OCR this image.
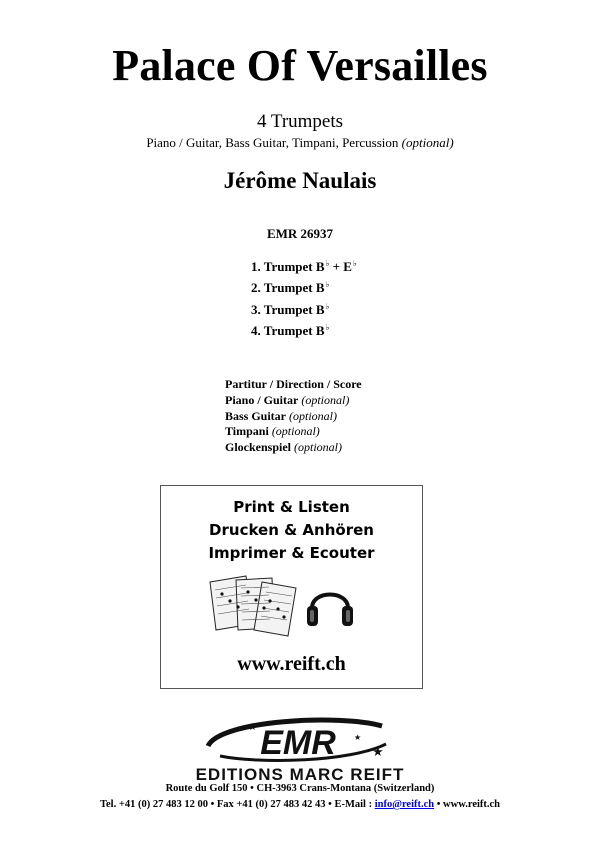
Palace Of Versailles
4 Trumpets
Piano / Guitar, Bass Guitar, Timpani, Percussion (optional)
Jérôme Naulais
EMR 26937
1. Trumpet B♭ + E♭
2. Trumpet B♭
3. Trumpet B♭
4. Trumpet B♭
Partitur / Direction / Score
Piano / Guitar (optional)
Bass Guitar (optional)
Timpani (optional)
Glockenspiel (optional)
Print & Listen
Drucken & Anhören
Imprimer & Ecouter
www.reift.ch
EMR
★
★
★
EDITIONS MARC REIFT
Route du Golf 150 • CH-3963 Crans-Montana (Switzerland)
Tel. +41 (0) 27 483 12 00 • Fax +41 (0) 27 483 42 43 • E-Mail : info@reift.ch • www.reift.ch
